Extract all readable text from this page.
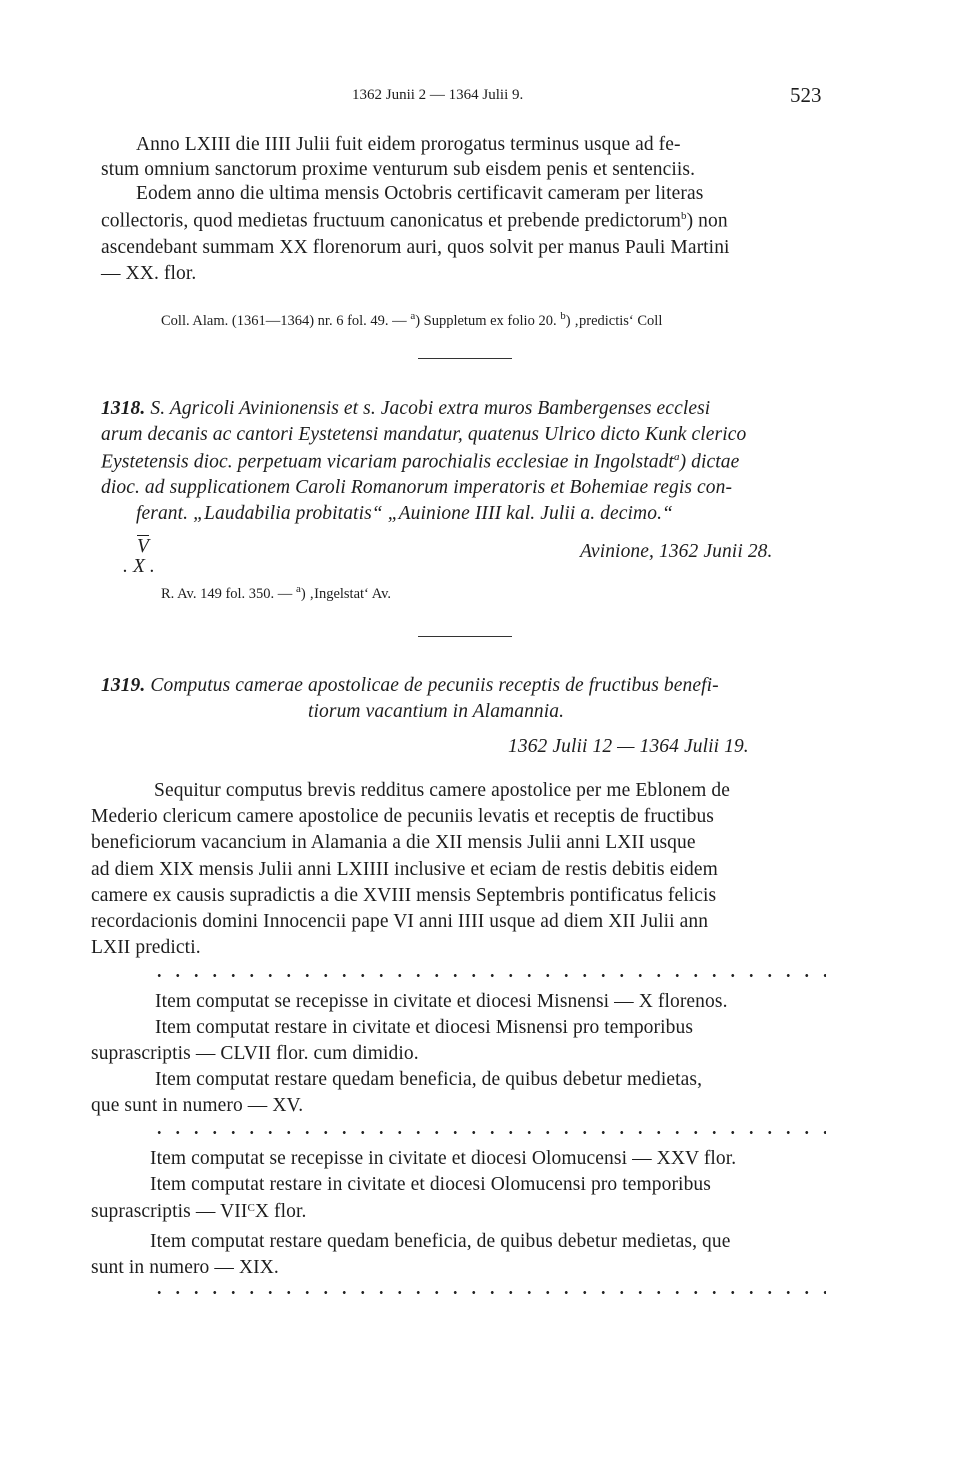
1362 Junii 2 — 1364 Julii 9.	523
Anno LXIII die IIII Julii fuit eidem prorogatus terminus usque ad fe-
stum omnium sanctorum proxime venturum sub eisdem penis et sentenciis.
Eodem anno die ultima mensis Octobris certificavit cameram per literas
collectoris, quod medietas fructuum canonicatus et prebende predictorum$^b$) non
ascendebant summam XX florenorum auri, quos solvit per manus Pauli Martini
— XX. flor.
Coll. Alam. (1361—1364) nr. 6 fol. 49. — $^a$) Suppletum ex folio 20. $^b$) ‚predictis‘ Coll
1318. S. Agricoli Avinionensis et s. Jacobi extra muros Bambergenses ecclesi
arum decanis ac cantori Eystetensi mandatur, quatenus Ulrico dicto Kunk clerico
Eystetensis dioc. perpetuam vicariam parochialis ecclesiae in Ingolstadt$^a$) dictae
dioc. ad supplicationem Caroli Romanorum imperatoris et Bohemiae regis con-
ferant. „Laudabilia probitatis“ „Auinione IIII kal. Julii a. decimo.“
$\overline{V}$
. X .
Avinione, 1362 Junii 28.
R. Av. 149 fol. 350. — $^a$) ‚Ingelstat‘ Av.
1319. Computus camerae apostolicae de pecuniis receptis de fructibus benefi-
tiorum vacantium in Alamannia.
1362 Julii 12 — 1364 Julii 19.
Sequitur computus brevis redditus camere apostolice per me Eblonem de
Mederio clericum camere apostolice de pecuniis levatis et receptis de fructibus
beneficiorum vacancium in Alamania a die XII mensis Julii anni LXII usque
ad diem XIX mensis Julii anni LXIIII inclusive et eciam de restis debitis eidem
camere ex causis supradictis a die XVIII mensis Septembris pontificatus felicis
recordacionis domini Innocencii pape VI anni IIII usque ad diem XII Julii ann
LXII predicti.
Item computat se recepisse in civitate et diocesi Misnensi — X florenos.
Item computat restare in civitate et diocesi Misnensi pro temporibus
suprascriptis — CLVII flor. cum dimidio.
Item computat restare quedam beneficia, de quibus debetur medietas,
que sunt in numero — XV.
Item computat se recepisse in civitate et diocesi Olomucensi — XXV flor.
Item computat restare in civitate et diocesi Olomucensi pro temporibus
suprascriptis — $VII^CX$ flor.
Item computat restare quedam beneficia, de quibus debetur medietas, que
sunt in numero — XIX.
